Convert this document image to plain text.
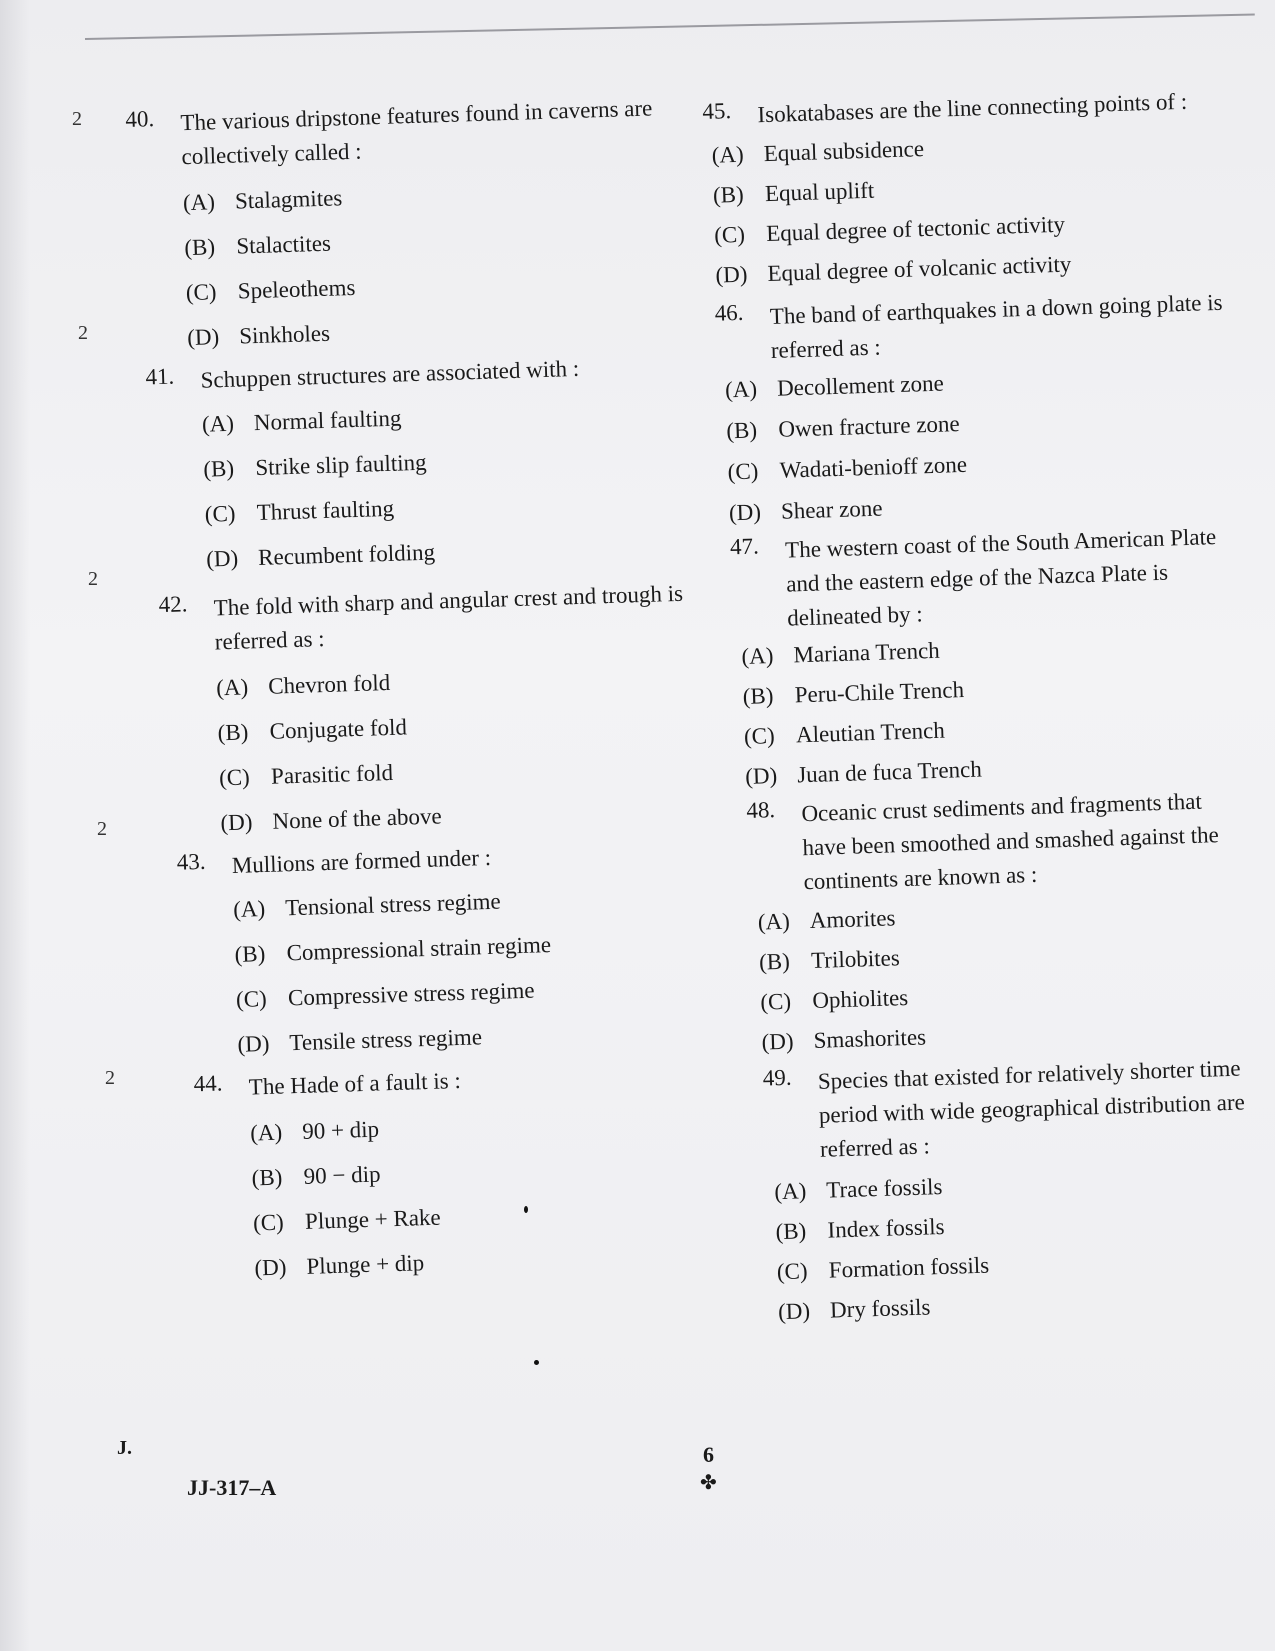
2
2
2
2
2
40.	The various dripstone features found in caverns are collectively called :
(A) Stalagmites
(B) Stalactites
(C) Speleothems
(D) Sinkholes
41.	Schuppen structures are associated with :
(A) Normal faulting
(B) Strike slip faulting
(C) Thrust faulting
(D) Recumbent folding
42.	The fold with sharp and angular crest and trough is referred as :
(A) Chevron fold
(B) Conjugate fold
(C) Parasitic fold
(D) None of the above
43.	Mullions are formed under :
(A) Tensional stress regime
(B) Compressional strain regime
(C) Compressive stress regime
(D) Tensile stress regime
44.	The Hade of a fault is :
(A) 90 + dip
(B) 90 − dip
(C) Plunge + Rake
(D) Plunge + dip
45.	Isokatabases are the line connecting points of :
(A) Equal subsidence
(B) Equal uplift
(C) Equal degree of tectonic activity
(D) Equal degree of volcanic activity
46.	The band of earthquakes in a down going plate is referred as :
(A) Decollement zone
(B) Owen fracture zone
(C) Wadati-benioff zone
(D) Shear zone
47.	The western coast of the South American Plate and the eastern edge of the Nazca Plate is delineated by :
(A) Mariana Trench
(B) Peru-Chile Trench
(C) Aleutian Trench
(D) Juan de fuca Trench
48.	Oceanic crust sediments and fragments that have been smoothed and smashed against the continents are known as :
(A) Amorites
(B) Trilobites
(C) Ophiolites
(D) Smashorites
49.	Species that existed for relatively shorter time period with wide geographical distribution are referred as :
(A) Trace fossils
(B) Index fossils
(C) Formation fossils
(D) Dry fossils
J.
JJ-317–A
6
✤
